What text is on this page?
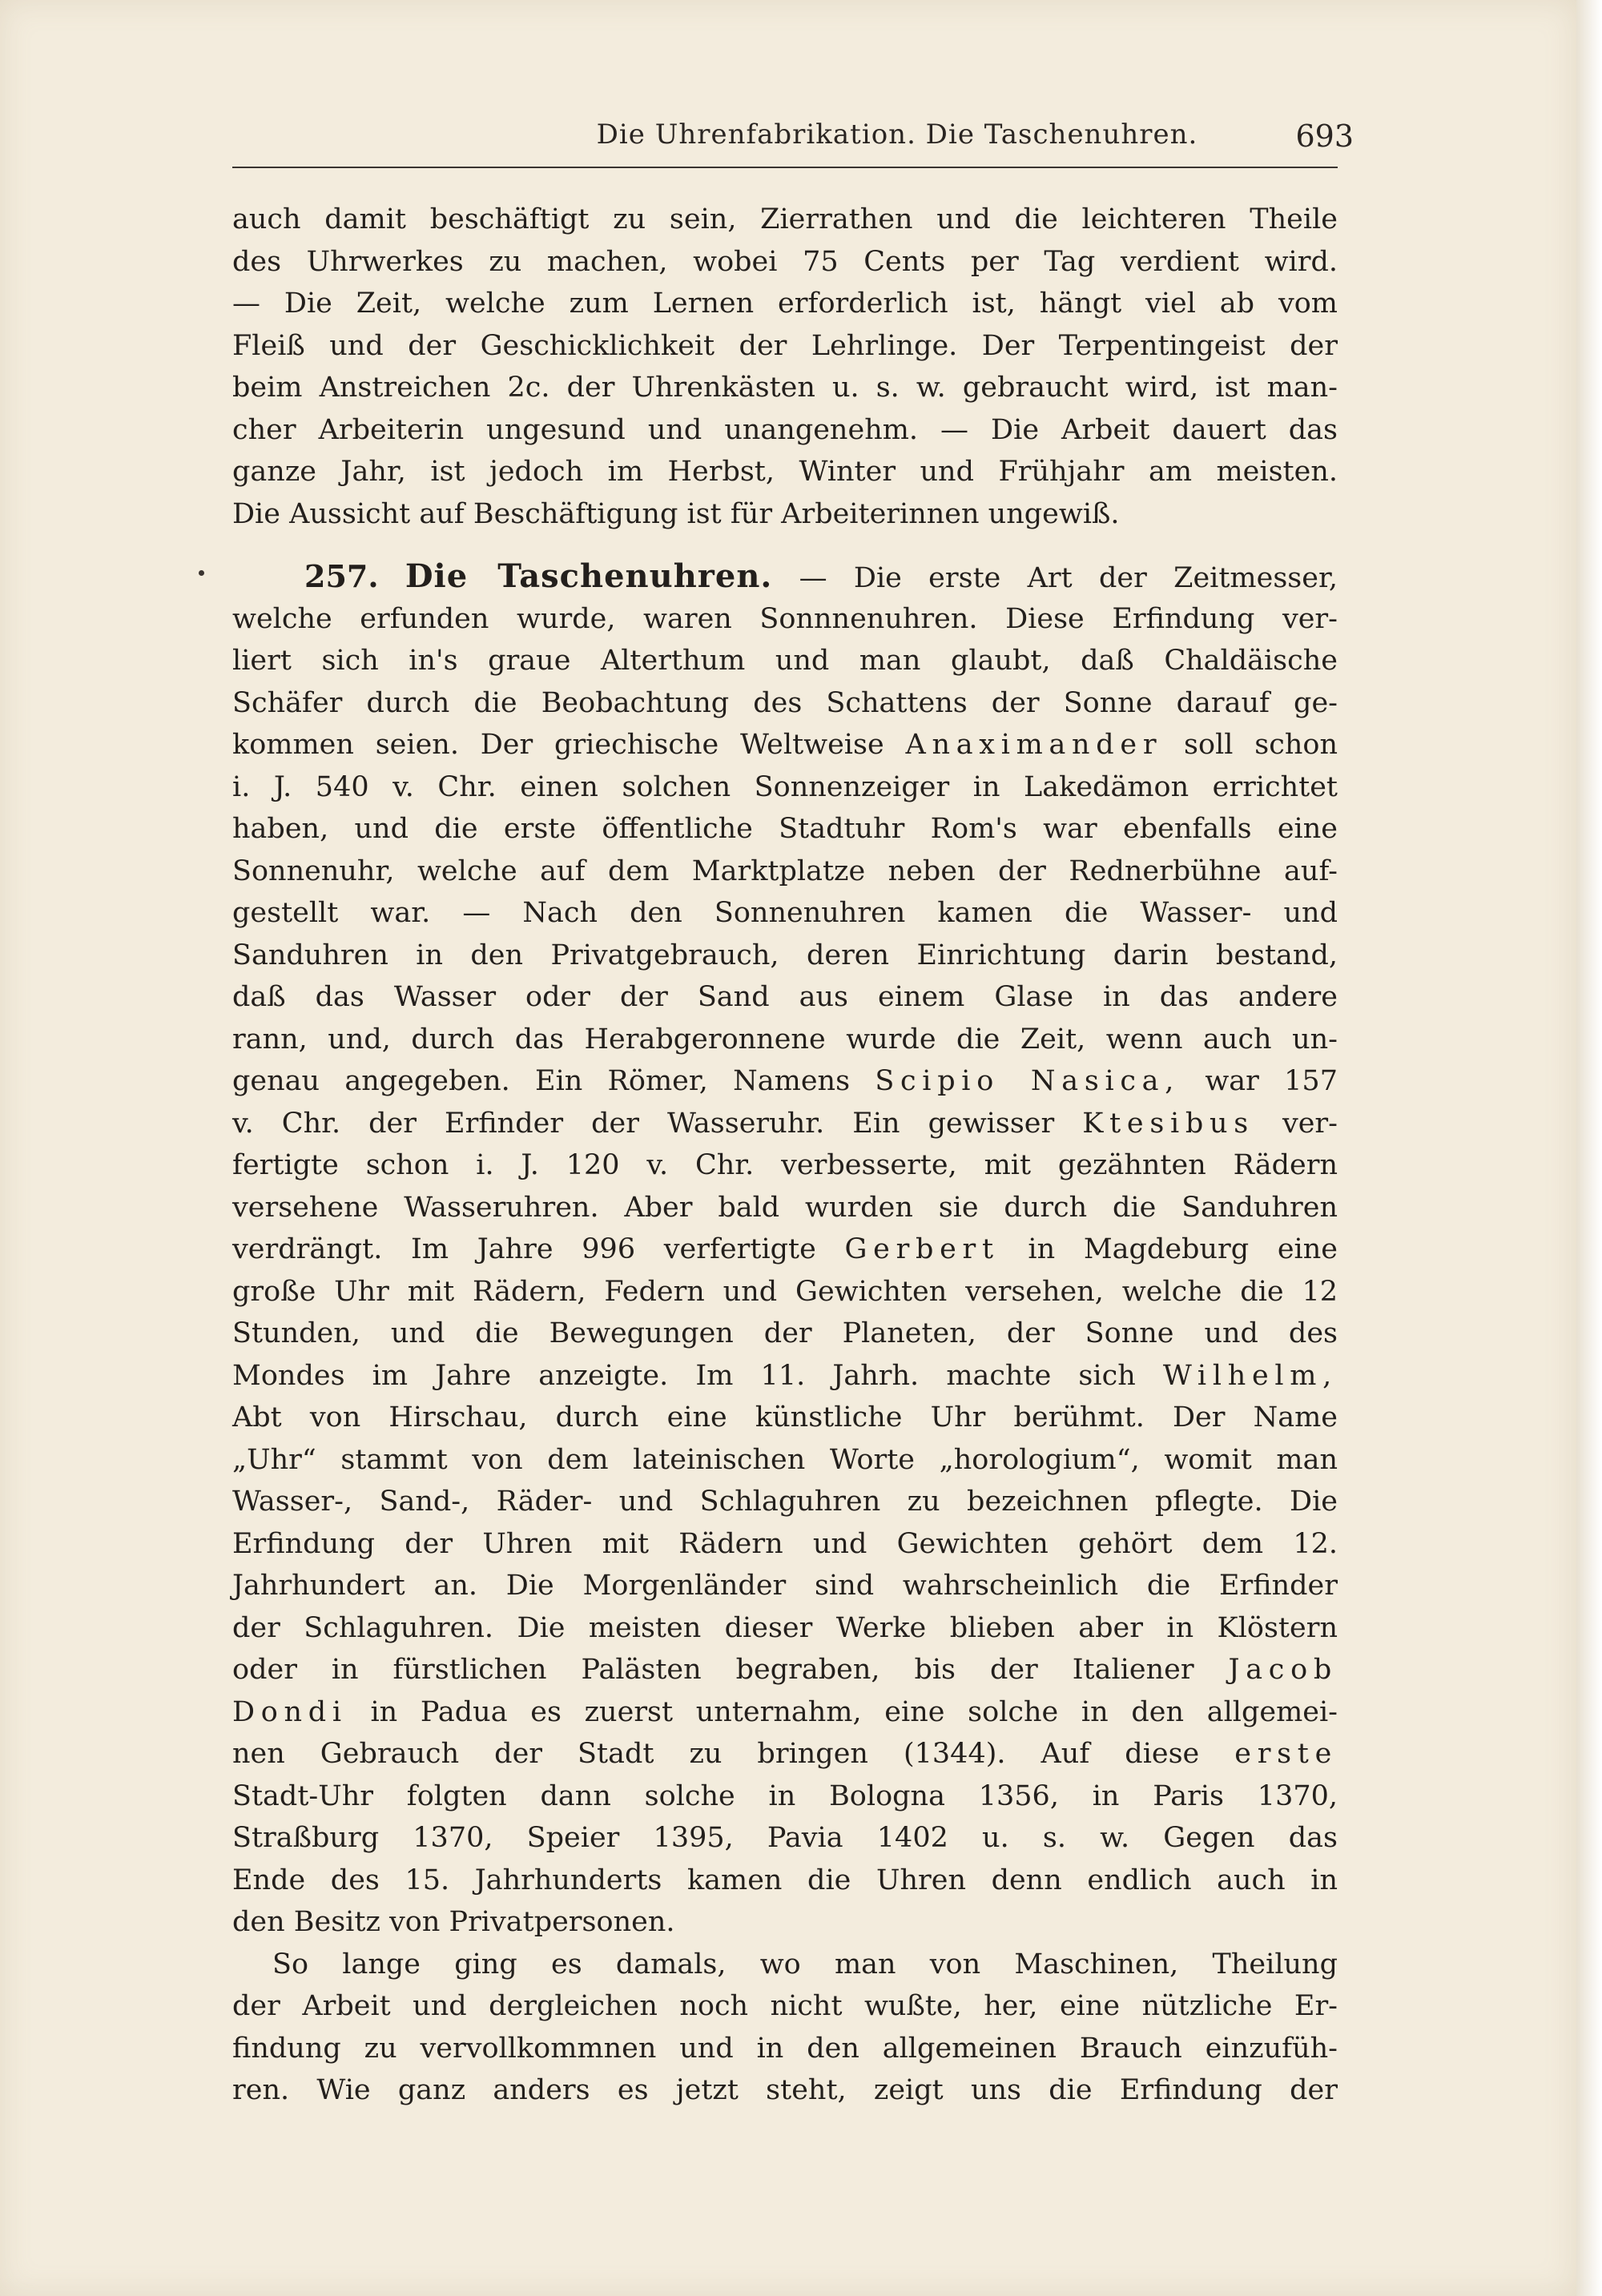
Die Uhrenfabrikation. Die Taschenuhren.	693
auch damit beschäftigt zu sein, Zierrathen und die leichteren Theile
des Uhrwerkes zu machen, wobei 75 Cents per Tag verdient wird.
— Die Zeit, welche zum Lernen erforderlich ist, hängt viel ab vom
Fleiß und der Geschicklichkeit der Lehrlinge. Der Terpentingeist der
beim Anstreichen 2c. der Uhrenkästen u. s. w. gebraucht wird, ist man-
cher Arbeiterin ungesund und unangenehm. — Die Arbeit dauert das
ganze Jahr, ist jedoch im Herbst, Winter und Frühjahr am meisten.
Die Aussicht auf Beschäftigung ist für Arbeiterinnen ungewiß.
257. Die Taschenuhren. — Die erste Art der Zeitmesser,
welche erfunden wurde, waren Sonnnenuhren. Diese Erfindung ver-
liert sich in's graue Alterthum und man glaubt, daß Chaldäische
Schäfer durch die Beobachtung des Schattens der Sonne darauf ge-
kommen seien. Der griechische Weltweise Anaximander soll schon
i. J. 540 v. Chr. einen solchen Sonnenzeiger in Lakedämon errichtet
haben, und die erste öffentliche Stadtuhr Rom's war ebenfalls eine
Sonnenuhr, welche auf dem Marktplatze neben der Rednerbühne auf-
gestellt war. — Nach den Sonnenuhren kamen die Wasser- und
Sanduhren in den Privatgebrauch, deren Einrichtung darin bestand,
daß das Wasser oder der Sand aus einem Glase in das andere
rann, und, durch das Herabgeronnene wurde die Zeit, wenn auch un-
genau angegeben. Ein Römer, Namens Scipio Nasica, war 157
v. Chr. der Erfinder der Wasseruhr. Ein gewisser Ktesibus ver-
fertigte schon i. J. 120 v. Chr. verbesserte, mit gezähnten Rädern
versehene Wasseruhren. Aber bald wurden sie durch die Sanduhren
verdrängt. Im Jahre 996 verfertigte Gerbert in Magdeburg eine
große Uhr mit Rädern, Federn und Gewichten versehen, welche die 12
Stunden, und die Bewegungen der Planeten, der Sonne und des
Mondes im Jahre anzeigte. Im 11. Jahrh. machte sich Wilhelm,
Abt von Hirschau, durch eine künstliche Uhr berühmt. Der Name
„Uhr“ stammt von dem lateinischen Worte „horologium“, womit man
Wasser-, Sand-, Räder- und Schlaguhren zu bezeichnen pflegte. Die
Erfindung der Uhren mit Rädern und Gewichten gehört dem 12.
Jahrhundert an. Die Morgenländer sind wahrscheinlich die Erfinder
der Schlaguhren. Die meisten dieser Werke blieben aber in Klöstern
oder in fürstlichen Palästen begraben, bis der Italiener Jacob
Dondi in Padua es zuerst unternahm, eine solche in den allgemei-
nen Gebrauch der Stadt zu bringen (1344). Auf diese erste
Stadt-Uhr folgten dann solche in Bologna 1356, in Paris 1370,
Straßburg 1370, Speier 1395, Pavia 1402 u. s. w. Gegen das
Ende des 15. Jahrhunderts kamen die Uhren denn endlich auch in
den Besitz von Privatpersonen.
So lange ging es damals, wo man von Maschinen, Theilung
der Arbeit und dergleichen noch nicht wußte, her, eine nützliche Er-
findung zu vervollkommnen und in den allgemeinen Brauch einzufüh-
ren. Wie ganz anders es jetzt steht, zeigt uns die Erfindung der
